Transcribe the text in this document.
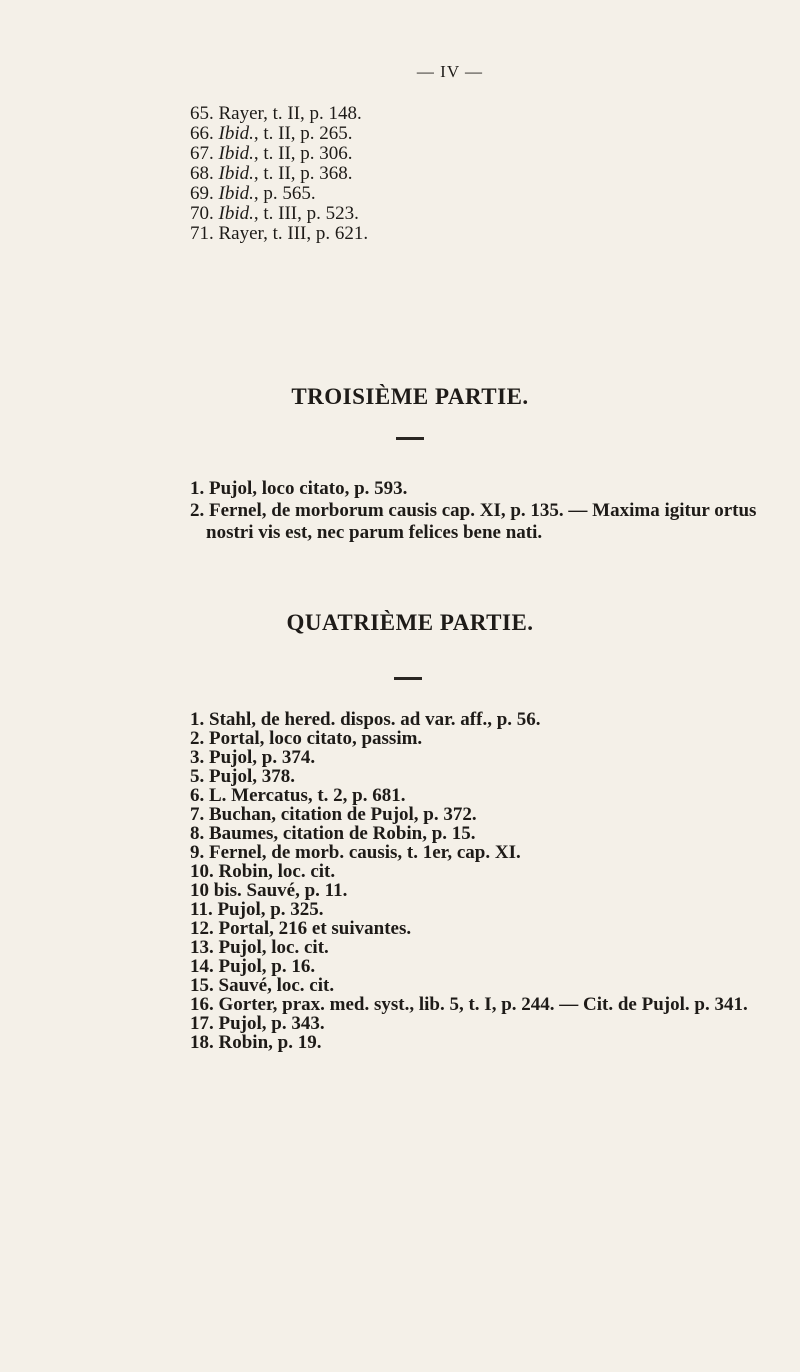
— IV —

65. Rayer, t. II, p. 148.

66. Ibid., t. II, p. 265.

67. Ibid., t. II, p. 306.

68. Ibid., t. II, p. 368.

69. Ibid., p. 565.

70. Ibid., t. III, p. 523.

71. Rayer, t. III, p. 621.

TROISIÈME PARTIE.
1. Pujol, loco citato, p. 593.
2. Fernel, de morborum causis cap. XI, p. 135. — Maxima igitur ortus
nostri vis est, nec parum felices bene nati.
QUATRIÈME PARTIE.
1. Stahl, de hered. dispos. ad var. aff., p. 56.
2. Portal, loco citato, passim.
3. Pujol, p. 374.
5. Pujol, 378.
6. L. Mercatus, t. 2, p. 681.
7. Buchan, citation de Pujol, p. 372.
8. Baumes, citation de Robin, p. 15.
9. Fernel, de morb. causis, t. 1er, cap. XI.
10. Robin, loc. cit.
10 bis. Sauvé, p. 11.
11. Pujol, p. 325.
12. Portal, 216 et suivantes.
13. Pujol, loc. cit.
14. Pujol, p. 16.
15. Sauvé, loc. cit.
16. Gorter, prax. med. syst., lib. 5, t. I, p. 244. — Cit. de Pujol. p. 341.
17. Pujol, p. 343.
18. Robin, p. 19.
